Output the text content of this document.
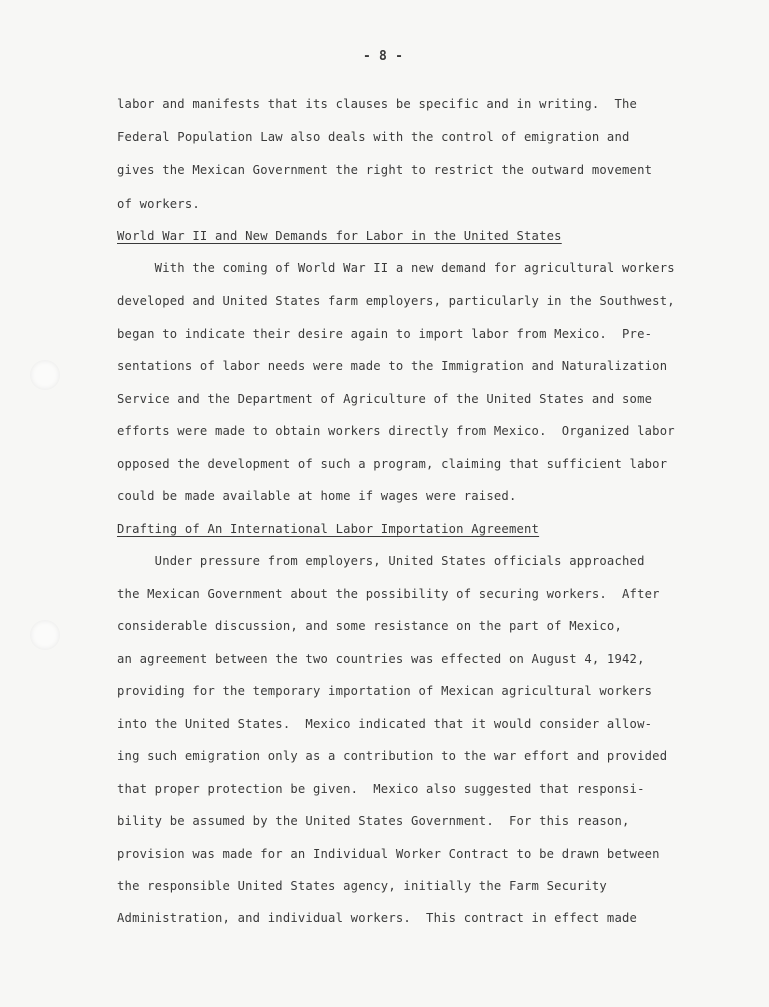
- 8 -
labor and manifests that its clauses be specific and in writing.  The
Federal Population Law also deals with the control of emigration and
gives the Mexican Government the right to restrict the outward movement
of workers.
World War II and New Demands for Labor in the United States
With the coming of World War II a new demand for agricultural workers
developed and United States farm employers, particularly in the Southwest,
began to indicate their desire again to import labor from Mexico.  Pre-
sentations of labor needs were made to the Immigration and Naturalization
Service and the Department of Agriculture of the United States and some
efforts were made to obtain workers directly from Mexico.  Organized labor
opposed the development of such a program, claiming that sufficient labor
could be made available at home if wages were raised.
Drafting of An International Labor Importation Agreement
Under pressure from employers, United States officials approached
the Mexican Government about the possibility of securing workers.  After
considerable discussion, and some resistance on the part of Mexico,
an agreement between the two countries was effected on August 4, 1942,
providing for the temporary importation of Mexican agricultural workers
into the United States.  Mexico indicated that it would consider allow-
ing such emigration only as a contribution to the war effort and provided
that proper protection be given.  Mexico also suggested that responsi-
bility be assumed by the United States Government.  For this reason,
provision was made for an Individual Worker Contract to be drawn between
the responsible United States agency, initially the Farm Security
Administration, and individual workers.  This contract in effect made
